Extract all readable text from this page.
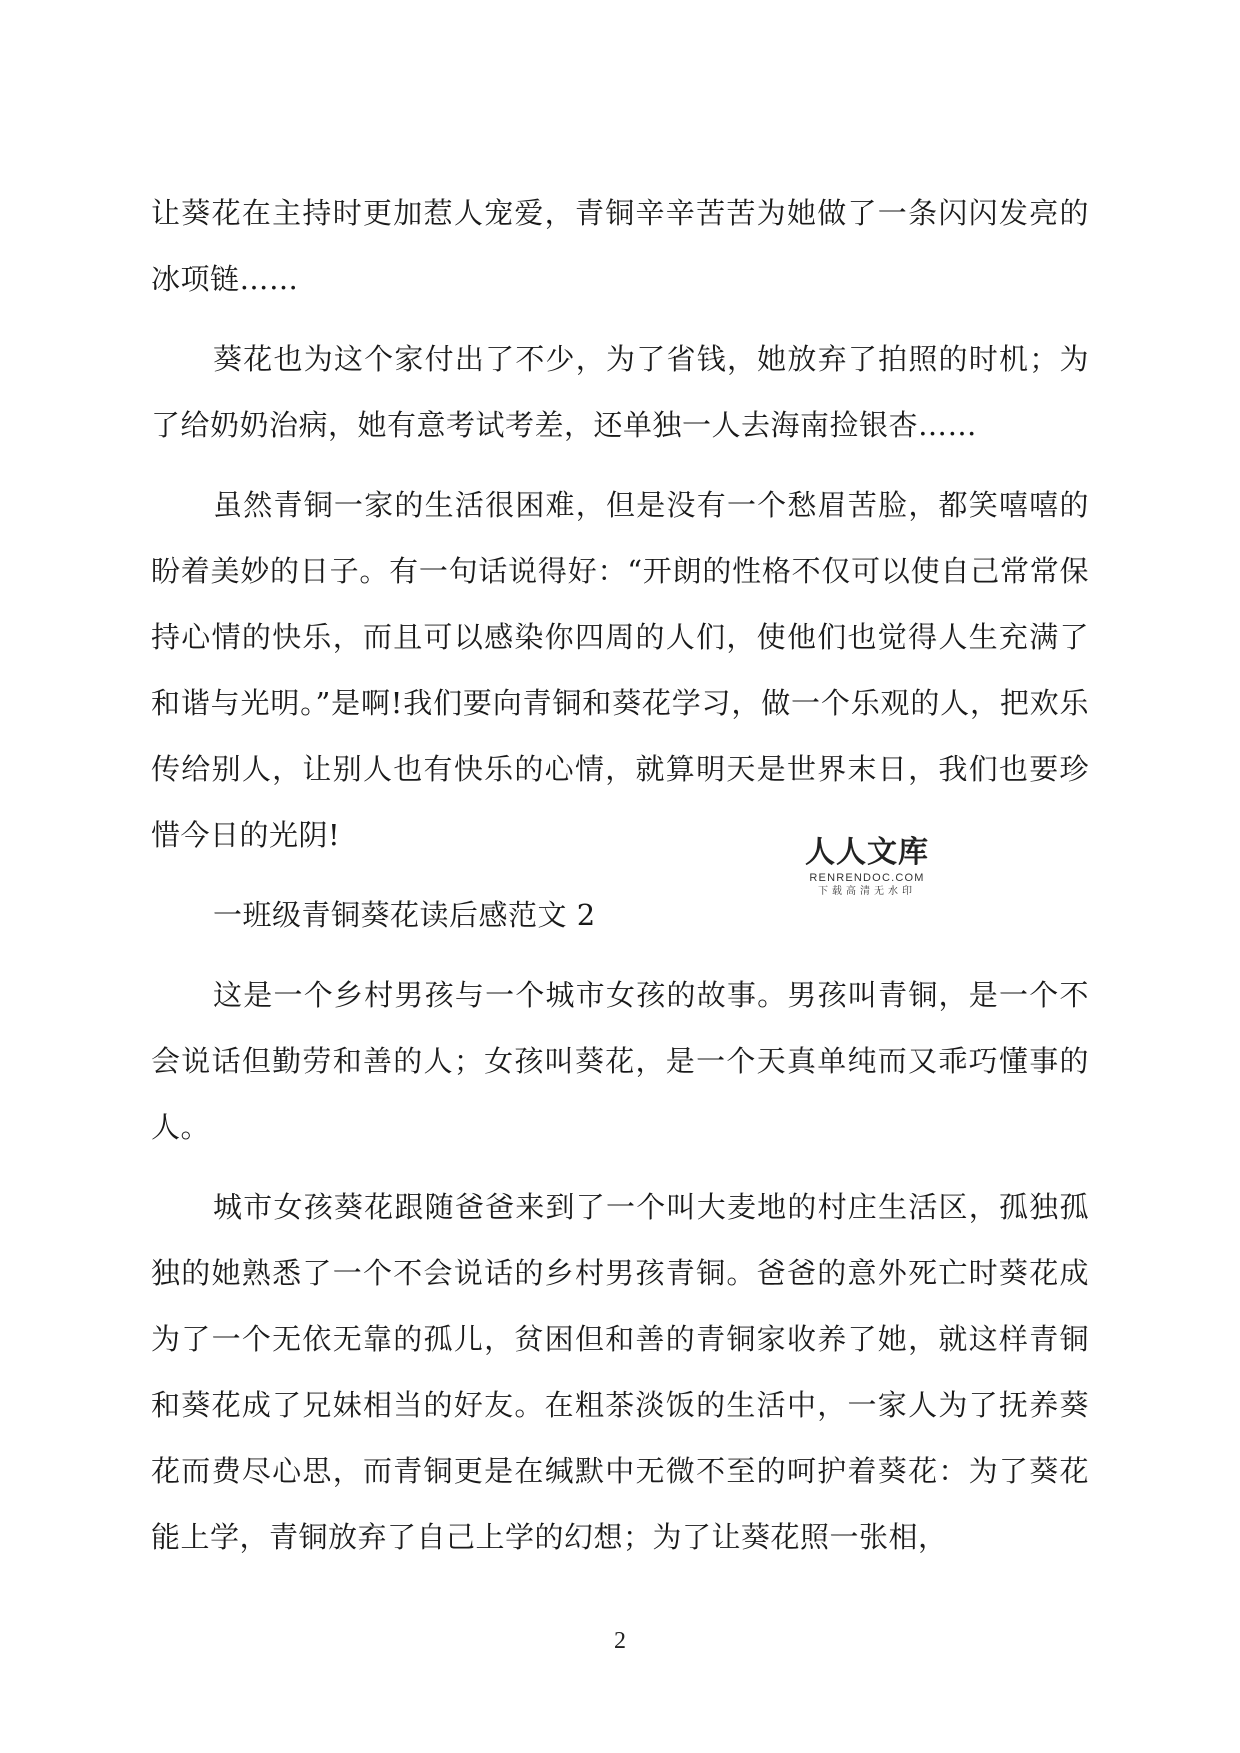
让葵花在主持时更加惹人宠爱，青铜辛辛苦苦为她做了一条闪闪发亮的冰项链……

葵花也为这个家付出了不少，为了省钱，她放弃了拍照的时机；为了给奶奶治病，她有意考试考差，还单独一人去海南捡银杏……

虽然青铜一家的生活很困难，但是没有一个愁眉苦脸，都笑嘻嘻的盼着美妙的日子。有一句话说得好：“开朗的性格不仅可以使自己常常保持心情的快乐，而且可以感染你四周的人们，使他们也觉得人生充满了和谐与光明。”是啊!我们要向青铜和葵花学习，做一个乐观的人，把欢乐传给别人，让别人也有快乐的心情，就算明天是世界末日，我们也要珍惜今日的光阴!

一班级青铜葵花读后感范文 2

这是一个乡村男孩与一个城市女孩的故事。男孩叫青铜，是一个不会说话但勤劳和善的人；女孩叫葵花，是一个天真单纯而又乖巧懂事的人。

城市女孩葵花跟随爸爸来到了一个叫大麦地的村庄生活区，孤独孤独的她熟悉了一个不会说话的乡村男孩青铜。爸爸的意外死亡时葵花成为了一个无依无靠的孤儿，贫困但和善的青铜家收养了她，就这样青铜和葵花成了兄妹相当的好友。在粗茶淡饭的生活中，一家人为了抚养葵花而费尽心思，而青铜更是在缄默中无微不至的呵护着葵花：为了葵花能上学，青铜放弃了自己上学的幻想；为了让葵花照一张相，

人人文库
RENRENDOC.COM
下载高清无水印
2
